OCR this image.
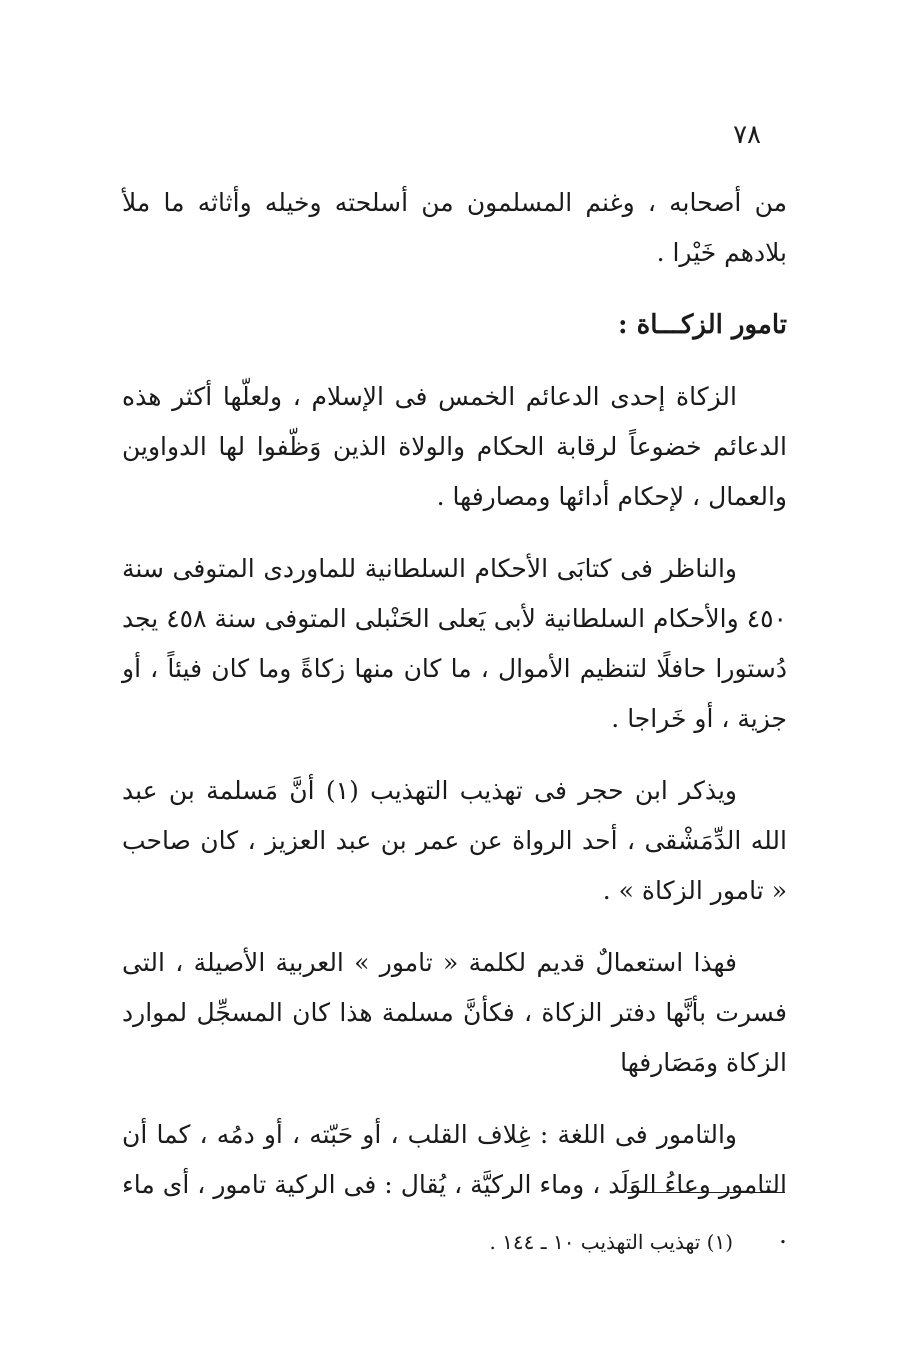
٧٨

من أصحابه ، وغنم المسلمون من أسلحته وخيله وأثاثه ما ملأ بلادهم خَيْرا .

تامور الزكـــاة :

الزكاة إحدى الدعائم الخمس فى الإسلام ، ولعلّها أكثر هذه الدعائم خضوعاً لرقابة الحكام والولاة الذين وَظّفوا لها الدواوين والعمال ، لإحكام أدائها ومصارفها .

والناظر فى كتابَى الأحكام السلطانية للماوردى المتوفى سنة ٤٥٠ والأحكام السلطانية لأبى يَعلى الحَنْبلى المتوفى سنة ٤٥٨ يجد دُستورا حافلًا لتنظيم الأموال ، ما كان منها زكاةً وما كان فيئاً ، أو جزية ، أو خَراجا .

ويذكر ابن حجر فى تهذيب التهذيب (١) أنَّ مَسلمة بن عبد الله الدِّمَشْقى ، أحد الرواة عن عمر بن عبد العزيز ، كان صاحب « تامور الزكاة » .

فهذا استعمالٌ قديم لكلمة « تامور » العربية الأصيلة ، التى فسرت بأنَّها دفتر الزكاة ، فكأنَّ مسلمة هذا كان المسجِّل لموارد الزكاة ومَصَارفها

والتامور فى اللغة : غِلاف القلب ، أو حَبّته ، أو دمُه ، كما أن التامور وعاءُ الوَلَد ، وماء الركيَّة ، يُقال : فى الركية تامور ، أى ماء .

(١) تهذيب التهذيب ١٠ ـ ١٤٤ .
